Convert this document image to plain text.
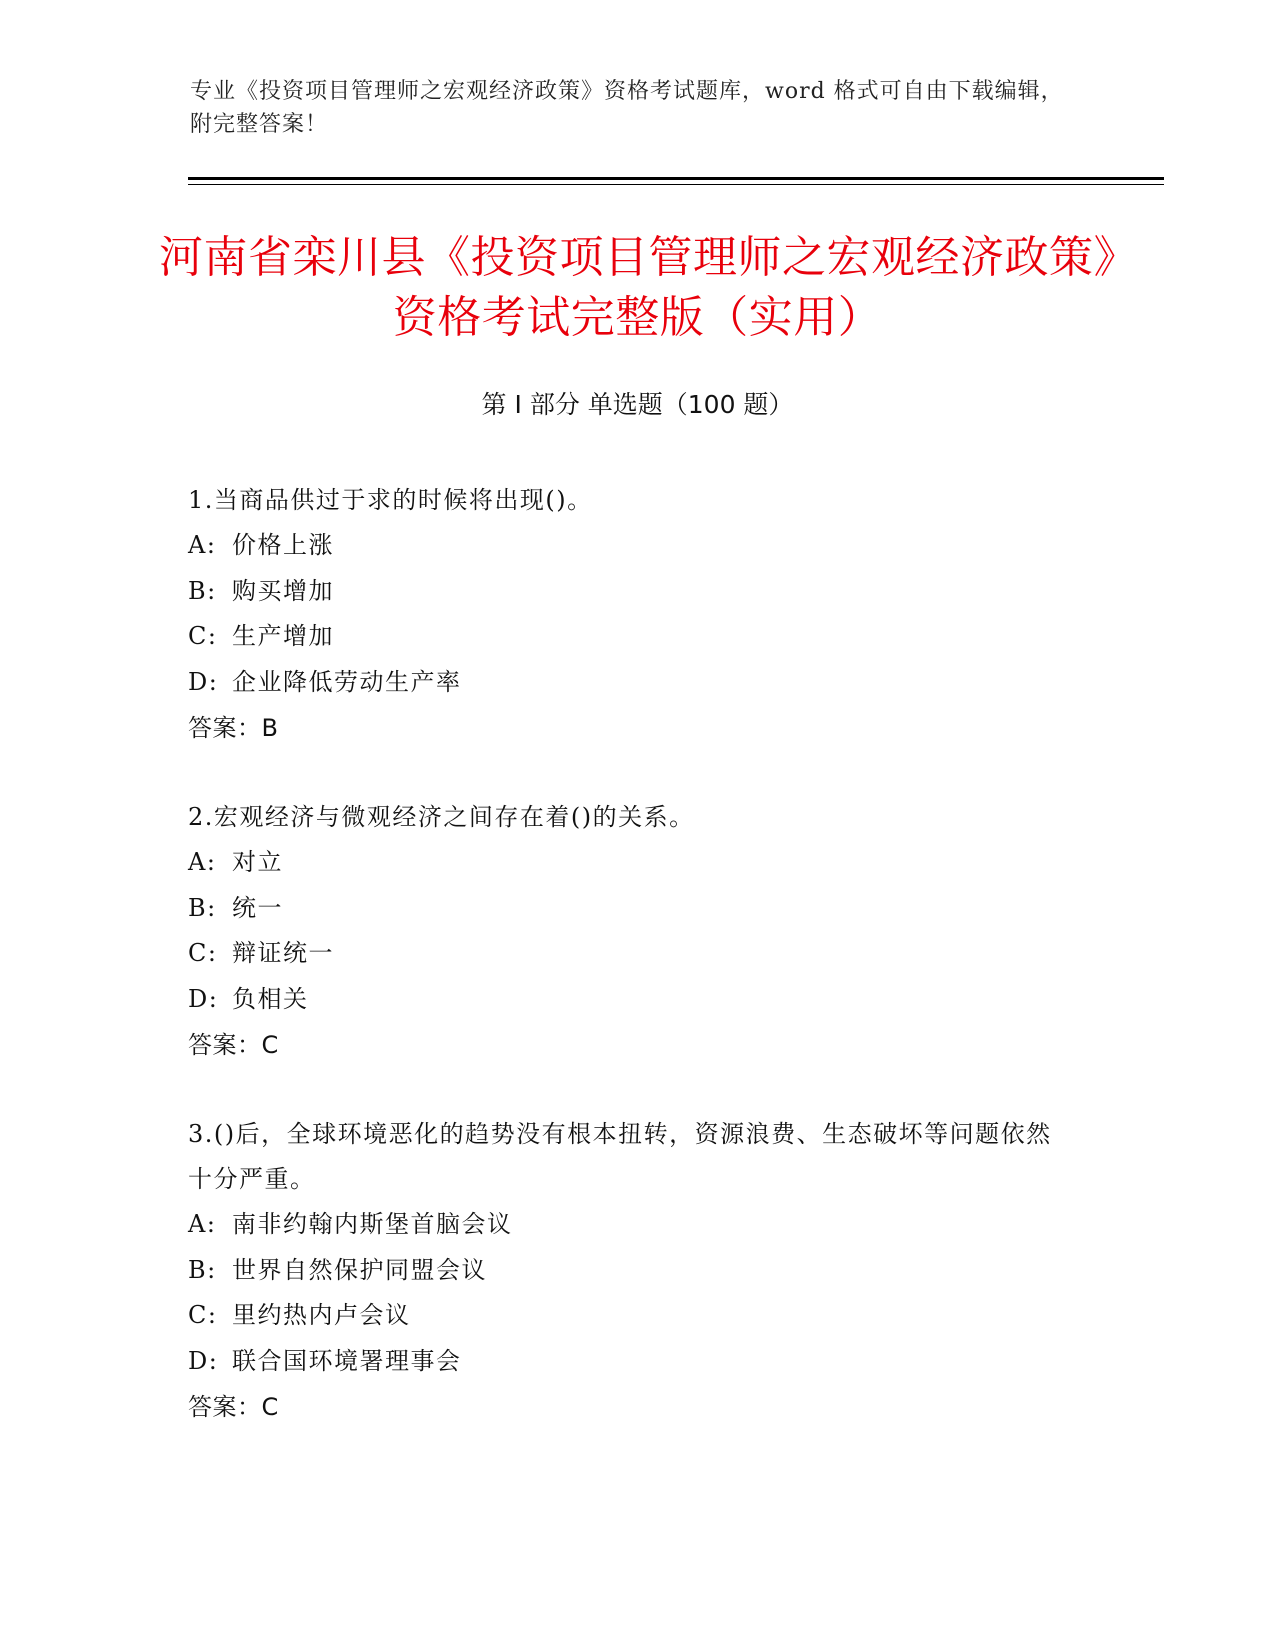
专业《投资项目管理师之宏观经济政策》资格考试题库，word 格式可自由下载编辑，附完整答案！
河南省栾川县《投资项目管理师之宏观经济政策》资格考试完整版（实用）
第 I 部分 单选题（100 题）
1.当商品供过于求的时候将出现()。
A: 价格上涨
B: 购买增加
C: 生产增加
D: 企业降低劳动生产率
答案：B
2.宏观经济与微观经济之间存在着()的关系。
A: 对立
B: 统一
C: 辩证统一
D: 负相关
答案：C
3.()后，全球环境恶化的趋势没有根本扭转，资源浪费、生态破坏等问题依然十分严重。
A: 南非约翰内斯堡首脑会议
B: 世界自然保护同盟会议
C: 里约热内卢会议
D: 联合国环境署理事会
答案：C
